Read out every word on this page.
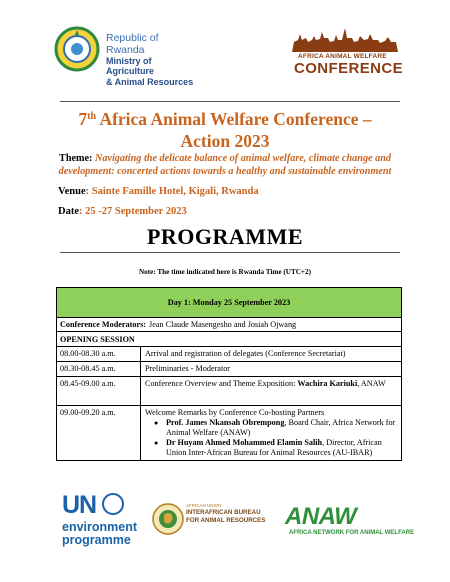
Republic of Rwanda
Ministry of Agriculture
& Animal Resources
AFRICA ANIMAL WELFARE
CONFERENCE
7th Africa Animal Welfare Conference –
Action 2023
Theme: Navigating the delicate balance of animal welfare, climate change and development: concerted actions towards a healthy and sustainable environment
Venue: Sainte Famille Hotel, Kigali, Rwanda
Date: 25 -27 September 2023
PROGRAMME
Note: The time indicated here is Rwanda Time (UTC+2)
Day 1: Monday 25 September 2023
Conference Moderators: Jean Claude Masengesho and Josiah Ojwang
OPENING SESSION
08.00-08.30 a.m.	Arrival and registration of delegates (Conference Secretariat)
08.30-08.45 a.m.	Preliminaries - Moderator
08.45-09.00 a.m.	Conference Overview and Theme Exposition: Wachira Kariuki, ANAW
09.00-09.20 a.m.	Welcome Remarks by Conference Co-hosting Partners
● Prof. James Nkansah Obrempong, Board Chair, Africa Network for Animal Welfare (ANAW)
● Dr Huyam Ahmed Mohammed Elamin Salih, Director, African Union Inter-African Bureau for Animal Resources (AU-IBAR)
UN
environment
programme
AFRICAN UNION
INTERAFRICAN BUREAU
FOR ANIMAL RESOURCES ANAW
AFRICA NETWORK FOR ANIMAL WELFARE
